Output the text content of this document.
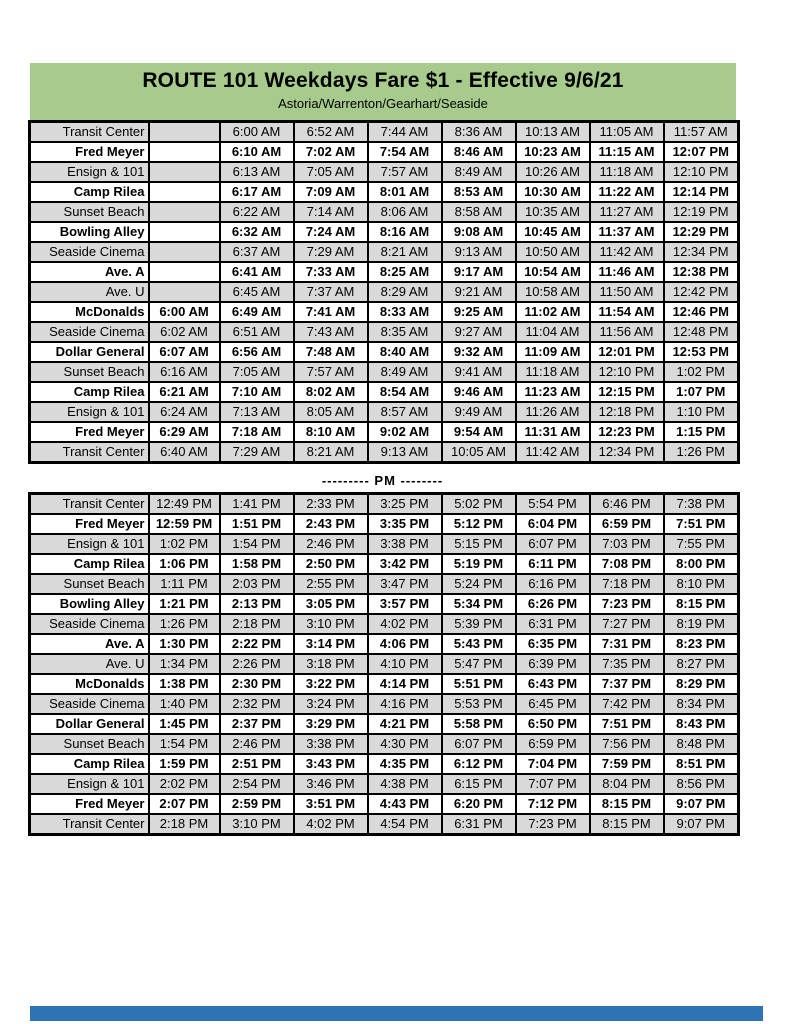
ROUTE 101 Weekdays Fare $1 - Effective 9/6/21
Astoria/Warrenton/Gearhart/Seaside
Transit Center		6:00 AM	6:52 AM	7:44 AM	8:36 AM	10:13 AM	11:05 AM	11:57 AM
Fred Meyer		6:10 AM	7:02 AM	7:54 AM	8:46 AM	10:23 AM	11:15 AM	12:07 PM
Ensign & 101		6:13 AM	7:05 AM	7:57 AM	8:49 AM	10:26 AM	11:18 AM	12:10 PM
Camp Rilea		6:17 AM	7:09 AM	8:01 AM	8:53 AM	10:30 AM	11:22 AM	12:14 PM
Sunset Beach		6:22 AM	7:14 AM	8:06 AM	8:58 AM	10:35 AM	11:27 AM	12:19 PM
Bowling Alley		6:32 AM	7:24 AM	8:16 AM	9:08 AM	10:45 AM	11:37 AM	12:29 PM
Seaside Cinema		6:37 AM	7:29 AM	8:21 AM	9:13 AM	10:50 AM	11:42 AM	12:34 PM
Ave. A		6:41 AM	7:33 AM	8:25 AM	9:17 AM	10:54 AM	11:46 AM	12:38 PM
Ave. U		6:45 AM	7:37 AM	8:29 AM	9:21 AM	10:58 AM	11:50 AM	12:42 PM
McDonalds	6:00 AM	6:49 AM	7:41 AM	8:33 AM	9:25 AM	11:02 AM	11:54 AM	12:46 PM
Seaside Cinema	6:02 AM	6:51 AM	7:43 AM	8:35 AM	9:27 AM	11:04 AM	11:56 AM	12:48 PM
Dollar General	6:07 AM	6:56 AM	7:48 AM	8:40 AM	9:32 AM	11:09 AM	12:01 PM	12:53 PM
Sunset Beach	6:16 AM	7:05 AM	7:57 AM	8:49 AM	9:41 AM	11:18 AM	12:10 PM	1:02 PM
Camp Rilea	6:21 AM	7:10 AM	8:02 AM	8:54 AM	9:46 AM	11:23 AM	12:15 PM	1:07 PM
Ensign & 101	6:24 AM	7:13 AM	8:05 AM	8:57 AM	9:49 AM	11:26 AM	12:18 PM	1:10 PM
Fred Meyer	6:29 AM	7:18 AM	8:10 AM	9:02 AM	9:54 AM	11:31 AM	12:23 PM	1:15 PM
Transit Center	6:40 AM	7:29 AM	8:21 AM	9:13 AM	10:05 AM	11:42 AM	12:34 PM	1:26 PM
--------- PM --------
Transit Center	12:49 PM	1:41 PM	2:33 PM	3:25 PM	5:02 PM	5:54 PM	6:46 PM	7:38 PM
Fred Meyer	12:59 PM	1:51 PM	2:43 PM	3:35 PM	5:12 PM	6:04 PM	6:59 PM	7:51 PM
Ensign & 101	1:02 PM	1:54 PM	2:46 PM	3:38 PM	5:15 PM	6:07 PM	7:03 PM	7:55 PM
Camp Rilea	1:06 PM	1:58 PM	2:50 PM	3:42 PM	5:19 PM	6:11 PM	7:08 PM	8:00 PM
Sunset Beach	1:11 PM	2:03 PM	2:55 PM	3:47 PM	5:24 PM	6:16 PM	7:18 PM	8:10 PM
Bowling Alley	1:21 PM	2:13 PM	3:05 PM	3:57 PM	5:34 PM	6:26 PM	7:23 PM	8:15 PM
Seaside Cinema	1:26 PM	2:18 PM	3:10 PM	4:02 PM	5:39 PM	6:31 PM	7:27 PM	8:19 PM
Ave. A	1:30 PM	2:22 PM	3:14 PM	4:06 PM	5:43 PM	6:35 PM	7:31 PM	8:23 PM
Ave. U	1:34 PM	2:26 PM	3:18 PM	4:10 PM	5:47 PM	6:39 PM	7:35 PM	8:27 PM
McDonalds	1:38 PM	2:30 PM	3:22 PM	4:14 PM	5:51 PM	6:43 PM	7:37 PM	8:29 PM
Seaside Cinema	1:40 PM	2:32 PM	3:24 PM	4:16 PM	5:53 PM	6:45 PM	7:42 PM	8:34 PM
Dollar General	1:45 PM	2:37 PM	3:29 PM	4:21 PM	5:58 PM	6:50 PM	7:51 PM	8:43 PM
Sunset Beach	1:54 PM	2:46 PM	3:38 PM	4:30 PM	6:07 PM	6:59 PM	7:56 PM	8:48 PM
Camp Rilea	1:59 PM	2:51 PM	3:43 PM	4:35 PM	6:12 PM	7:04 PM	7:59 PM	8:51 PM
Ensign & 101	2:02 PM	2:54 PM	3:46 PM	4:38 PM	6:15 PM	7:07 PM	8:04 PM	8:56 PM
Fred Meyer	2:07 PM	2:59 PM	3:51 PM	4:43 PM	6:20 PM	7:12 PM	8:15 PM	9:07 PM
Transit Center	2:18 PM	3:10 PM	4:02 PM	4:54 PM	6:31 PM	7:23 PM	8:15 PM	9:07 PM
